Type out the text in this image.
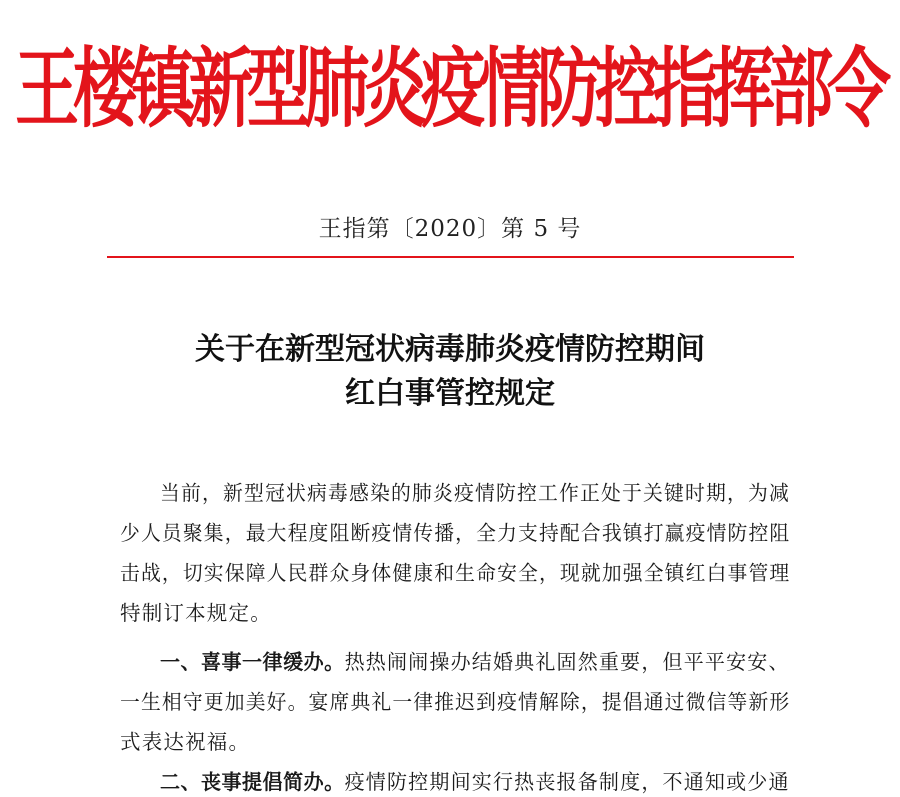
王楼镇新型肺炎疫情防控指挥部令
王指第〔2020〕第 5 号
关于在新型冠状病毒肺炎疫情防控期间
红白事管控规定
当前，新型冠状病毒感染的肺炎疫情防控工作正处于关键时期，为减
少人员聚集，最大程度阻断疫情传播，全力支持配合我镇打赢疫情防控阻
击战，切实保障人民群众身体健康和生命安全，现就加强全镇红白事管理
特制订本规定。
一、喜事一律缓办。热热闹闹操办结婚典礼固然重要，但平平安安、
一生相守更加美好。宴席典礼一律推迟到疫情解除，提倡通过微信等新形
式表达祝福。
二、丧事提倡简办。疫情防控期间实行热丧报备制度，不通知或少通
